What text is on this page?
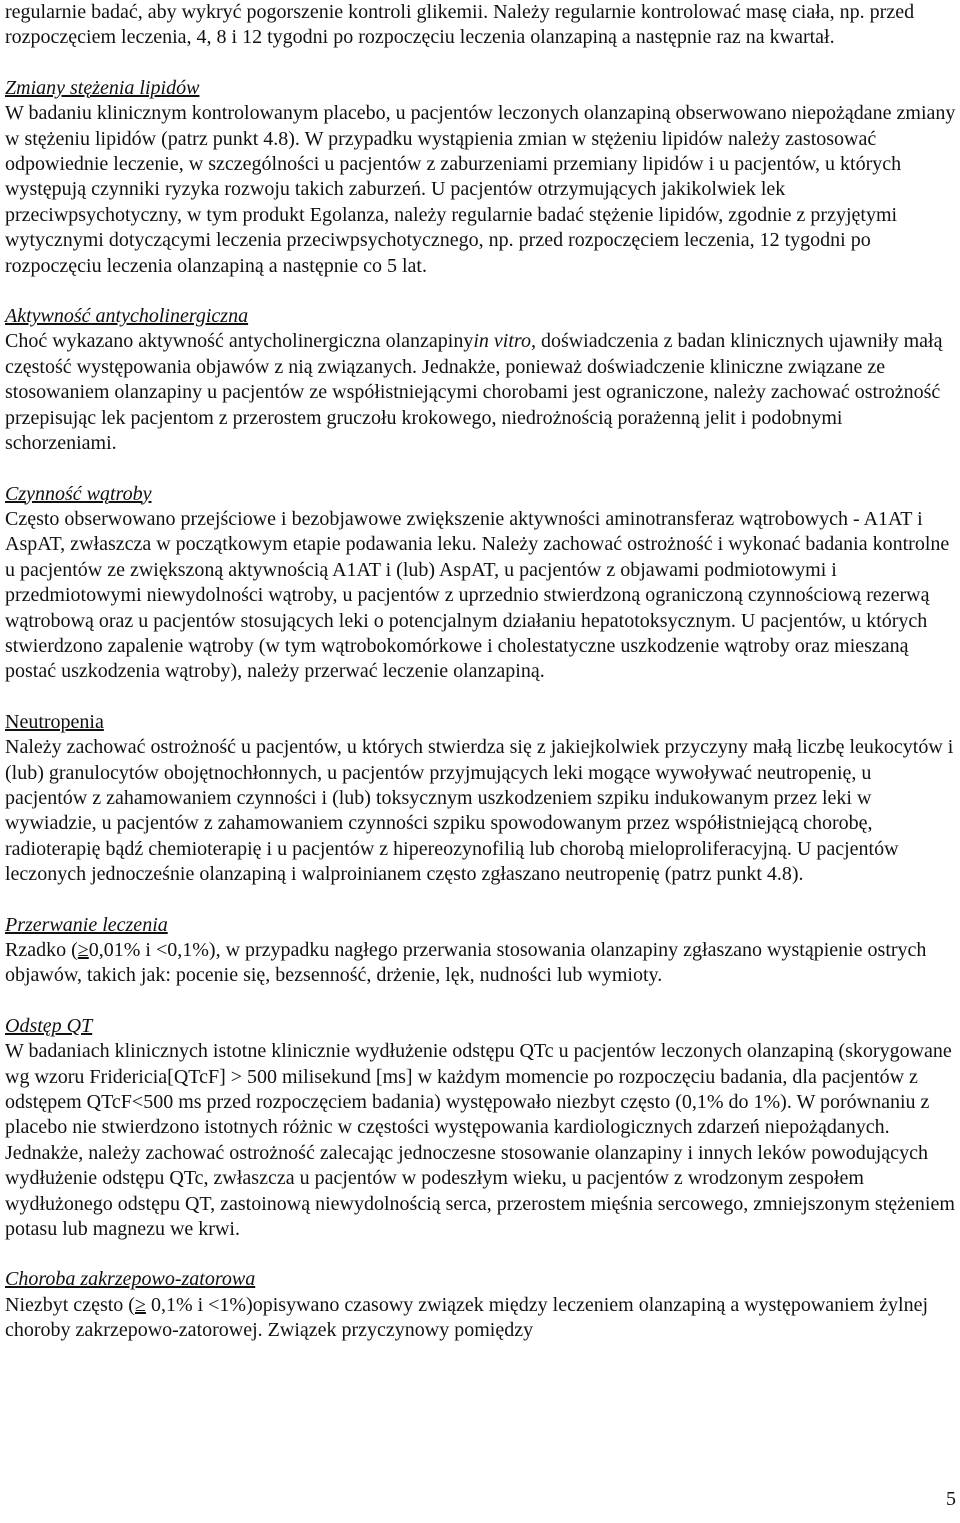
regularnie badać, aby wykryć pogorszenie kontroli glikemii. Należy regularnie kontrolować masę ciała, np. przed rozpoczęciem leczenia, 4, 8 i 12 tygodni po rozpoczęciu leczenia olanzapiną a następnie raz na kwartał.

Zmiany stężenia lipidów

W badaniu klinicznym kontrolowanym placebo, u pacjentów leczonych olanzapiną obserwowano niepożądane zmiany w stężeniu lipidów (patrz punkt 4.8). W przypadku wystąpienia zmian w stężeniu lipidów należy zastosować odpowiednie leczenie, w szczególności u pacjentów z zaburzeniami przemiany lipidów i u pacjentów, u których występują czynniki ryzyka rozwoju takich zaburzeń. U pacjentów otrzymujących jakikolwiek lek przeciwpsychotyczny, w tym produkt Egolanza, należy regularnie badać stężenie lipidów, zgodnie z przyjętymi wytycznymi dotyczącymi leczenia przeciwpsychotycznego, np. przed rozpoczęciem leczenia, 12 tygodni po rozpoczęciu leczenia olanzapiną a następnie co 5 lat.

Aktywność antycholinergiczna

Choć wykazano aktywność antycholinergiczna olanzapinyin vitro, doświadczenia z badan klinicznych ujawniły małą częstość występowania objawów z nią związanych. Jednakże, ponieważ doświadczenie kliniczne związane ze stosowaniem olanzapiny u pacjentów ze współistniejącymi chorobami jest ograniczone, należy zachować ostrożność przepisując lek pacjentom z przerostem gruczołu krokowego, niedrożnością porażenną jelit i podobnymi schorzeniami.

Czynność wątroby

Często obserwowano przejściowe i bezobjawowe zwiększenie aktywności aminotransferaz wątrobowych - A1AT i AspAT, zwłaszcza w początkowym etapie podawania leku. Należy zachować ostrożność i wykonać badania kontrolne u pacjentów ze zwiększoną aktywnością A1AT i (lub) AspAT, u pacjentów z objawami podmiotowymi i przedmiotowymi niewydolności wątroby, u pacjentów z uprzednio stwierdzoną ograniczoną czynnościową rezerwą wątrobową oraz u pacjentów stosujących leki o potencjalnym działaniu hepatotoksycznym. U pacjentów, u których stwierdzono zapalenie wątroby (w tym wątrobokomórkowe i cholestatyczne uszkodzenie wątroby oraz mieszaną postać uszkodzenia wątroby), należy przerwać leczenie olanzapiną.

Neutropenia

Należy zachować ostrożność u pacjentów, u których stwierdza się z jakiejkolwiek przyczyny małą liczbę leukocytów i (lub) granulocytów obojętnochłonnych, u pacjentów przyjmujących leki mogące wywoływać neutropenię, u pacjentów z zahamowaniem czynności i (lub) toksycznym uszkodzeniem szpiku indukowanym przez leki w wywiadzie, u pacjentów z zahamowaniem czynności szpiku spowodowanym przez współistniejącą chorobę, radioterapię bądź chemioterapię i u pacjentów z hipereozynofilią lub chorobą mieloproliferacyjną. U pacjentów leczonych jednocześnie olanzapiną i walproinianem często zgłaszano neutropenię (patrz punkt 4.8).

Przerwanie leczenia

Rzadko (≥0,01% i <0,1%), w przypadku nagłego przerwania stosowania olanzapiny zgłaszano wystąpienie ostrych objawów, takich jak: pocenie się, bezsenność, drżenie, lęk, nudności lub wymioty.

Odstęp QT

W badaniach klinicznych istotne klinicznie wydłużenie odstępu QTc u pacjentów leczonych olanzapiną (skorygowane wg wzoru Fridericia[QTcF] > 500 milisekund [ms] w każdym momencie po rozpoczęciu badania, dla pacjentów z odstępem QTcF<500 ms przed rozpoczęciem badania) występowało niezbyt często (0,1% do 1%). W porównaniu z placebo nie stwierdzono istotnych różnic w częstości występowania kardiologicznych zdarzeń niepożądanych. Jednakże, należy zachować ostrożność zalecając jednoczesne stosowanie olanzapiny i innych leków powodujących wydłużenie odstępu QTc, zwłaszcza u pacjentów w podeszłym wieku, u pacjentów z wrodzonym zespołem wydłużonego odstępu QT, zastoinową niewydolnością serca, przerostem mięśnia sercowego, zmniejszonym stężeniem potasu lub magnezu we krwi.

Choroba zakrzepowo-zatorowa

Niezbyt często (≥ 0,1% i <1%)opisywano czasowy związek między leczeniem olanzapiną a występowaniem żylnej choroby zakrzepowo-zatorowej. Związek przyczynowy pomiędzy

5
